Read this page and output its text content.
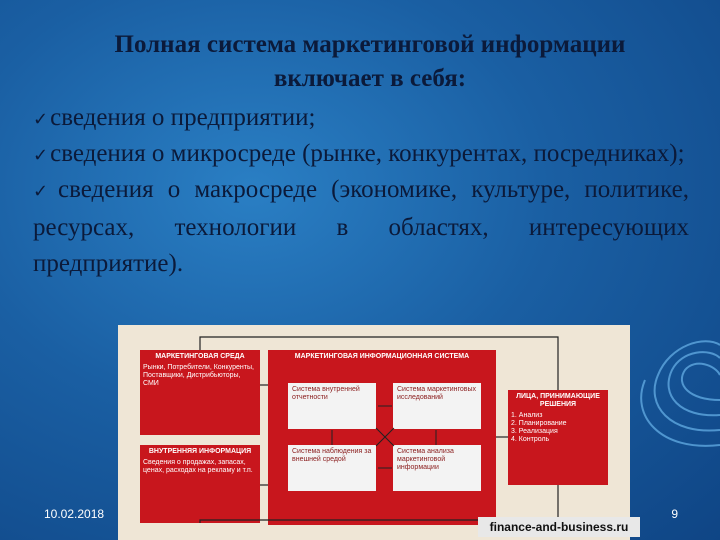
Полная система маркетинговой информации
включает в себя:
✓сведения о предприятии;
✓сведения о микросреде (рынке, конкурентах, посредниках);
✓сведения о макросреде (экономике, культуре, политике, ресурсах, технологии в областях, интересующих предприятие).
МАРКЕТИНГОВАЯ СРЕДА
Рынки, Потребители, Конкуренты, Поставщики, Дистрибьюторы, СМИ
ВНУТРЕННЯЯ ИНФОРМАЦИЯ
Сведения о продажах, запасах, ценах, расходах на рекламу и т.п.
МАРКЕТИНГОВАЯ ИНФОРМАЦИОННАЯ СИСТЕМА
Система внутренней отчетности
Система маркетинговых исследований
Система наблюдения за внешней средой
Система анализа маркетинговой информации
ЛИЦА, ПРИНИМАЮЩИЕ РЕШЕНИЯ
1. Анализ
2. Планирование
3. Реализация
4. Контроль
10.02.2018
finance-and-business.ru
9
